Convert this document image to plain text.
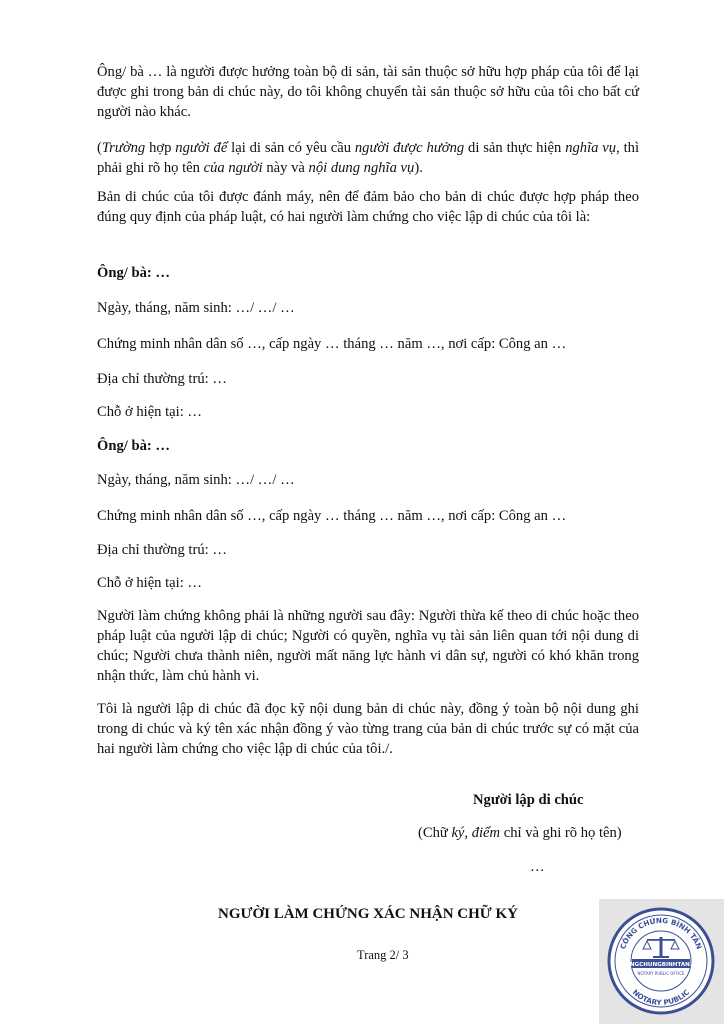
Ông/ bà … là người được hưởng toàn bộ di sản, tài sản thuộc sở hữu hợp pháp của tôi để lại được ghi trong bản di chúc này, do tôi không chuyển tài sản thuộc sở hữu của tôi cho bất cứ người nào khác.

(Trường hợp người để lại di sản có yêu cầu người được hưởng di sản thực hiện nghĩa vụ, thì phải ghi rõ họ tên của người này và nội dung nghĩa vụ).

Bản di chúc của tôi được đánh máy, nên để đảm bảo cho bản di chúc được hợp pháp theo đúng quy định của pháp luật, có hai người làm chứng cho việc lập di chúc của tôi là:

Ông/ bà: …

Ngày, tháng, năm sinh: …/ …/ …

Chứng minh nhân dân số …, cấp ngày … tháng … năm …, nơi cấp: Công an …

Địa chỉ thường trú: …

Chỗ ở hiện tại: …

Ông/ bà: …

Ngày, tháng, năm sinh: …/ …/ …

Chứng minh nhân dân số …, cấp ngày … tháng … năm …, nơi cấp: Công an …

Địa chỉ thường trú: …

Chỗ ở hiện tại: …

Người làm chứng không phải là những người sau đây: Người thừa kế theo di chúc hoặc theo pháp luật của người lập di chúc; Người có quyền, nghĩa vụ tài sản liên quan tới nội dung di chúc; Người chưa thành niên, người mất năng lực hành vi dân sự, người có khó khăn trong nhận thức, làm chủ hành vi.

Tôi là người lập di chúc đã đọc kỹ nội dung bản di chúc này, đồng ý toàn bộ nội dung ghi trong di chúc và ký tên xác nhận đồng ý vào từng trang của bản di chúc trước sự có mặt của hai người làm chứng cho việc lập di chúc của tôi./.

Người lập di chúc
(Chữ ký, điểm chỉ và ghi rõ họ tên)
…
NGƯỜI LÀM CHỨNG XÁC NHẬN CHỮ KÝ
Trang 2/ 3
CÔNG CHỨNG BÌNH TÂN
NOTARY PUBLIC
CONGCHUNGBINHTAN.VN
NOTARY PUBLIC OFFICE
